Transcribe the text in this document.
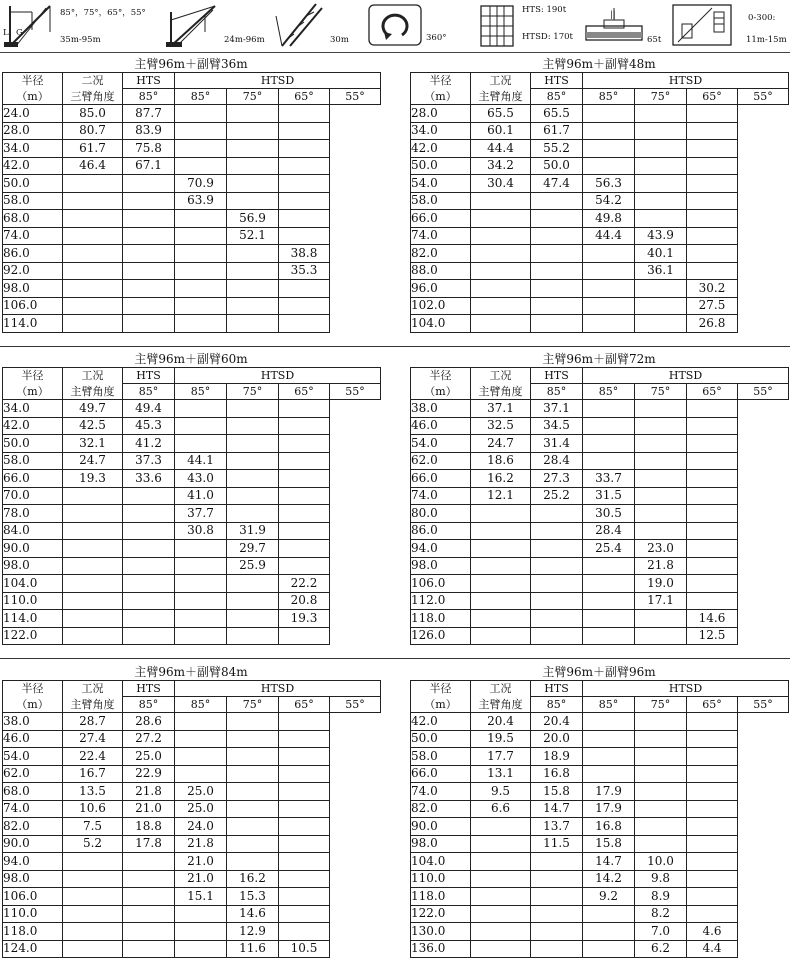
L G
85°，75°，65°，55°
35m-95m	24m-96m	30m	360°
HTS: 190t
HTSD: 170t
||
65t
0-300:
11m-15m
主臂96m＋副臂36m
半径	二况	HTS	HTSD			
（m）	三臂角度	85°	85°	75°	65°	55°
24.0	85.0	87.7				
28.0	80.7	83.9				
34.0	61.7	75.8				
42.0	46.4	67.1				
50.0			70.9			
58.0			63.9			
68.0				56.9		
74.0				52.1		
86.0					38.8	
92.0					35.3	
98.0						
106.0						
114.0						
主臂96m＋副臂48m
半径	工况	HTS	HTSD			
（m）	主臂角度	85°	85°	75°	65°	55°
28.0	65.5	65.5				
34.0	60.1	61.7				
42.0	44.4	55.2				
50.0	34.2	50.0				
54.0	30.4	47.4	56.3			
58.0			54.2			
66.0			49.8			
74.0			44.4	43.9		
82.0				40.1		
88.0				36.1		
96.0					30.2	
102.0					27.5	
104.0					26.8	
主臂96m＋副臂60m
半径	工况	HTS	HTSD			
（m）	主臂角度	85°	85°	75°	65°	55°
34.0	49.7	49.4				
42.0	42.5	45.3				
50.0	32.1	41.2				
58.0	24.7	37.3	44.1			
66.0	19.3	33.6	43.0			
70.0			41.0			
78.0			37.7			
84.0			30.8	31.9		
90.0				29.7		
98.0				25.9		
104.0					22.2	
110.0					20.8	
114.0					19.3	
122.0						
主臂96m＋副臂72m
半径	工况	HTS	HTSD			
（m）	主臂角度	85°	85°	75°	65°	55°
38.0	37.1	37.1				
46.0	32.5	34.5				
54.0	24.7	31.4				
62.0	18.6	28.4				
66.0	16.2	27.3	33.7			
74.0	12.1	25.2	31.5			
80.0			30.5			
86.0			28.4			
94.0			25.4	23.0		
98.0				21.8		
106.0				19.0		
112.0				17.1		
118.0					14.6	
126.0					12.5	
主臂96m＋副臂84m
半径	工况	HTS	HTSD			
（m）	主臂角度	85°	85°	75°	65°	55°
38.0	28.7	28.6				
46.0	27.4	27.2				
54.0	22.4	25.0				
62.0	16.7	22.9				
68.0	13.5	21.8	25.0			
74.0	10.6	21.0	25.0			
82.0	7.5	18.8	24.0			
90.0	5.2	17.8	21.8			
94.0			21.0			
98.0			21.0	16.2		
106.0			15.1	15.3		
110.0				14.6		
118.0				12.9		
124.0				11.6	10.5	
主臂96m＋副臂96m
半径	工况	HTS	HTSD			
（m）	主臂角度	85°	85°	75°	65°	55°
42.0	20.4	20.4				
50.0	19.5	20.0				
58.0	17.7	18.9				
66.0	13.1	16.8				
74.0	9.5	15.8	17.9			
82.0	6.6	14.7	17.9			
90.0		13.7	16.8			
98.0		11.5	15.8			
104.0			14.7	10.0		
110.0			14.2	9.8		
118.0			9.2	8.9		
122.0				8.2		
130.0				7.0	4.6	
136.0				6.2	4.4	
